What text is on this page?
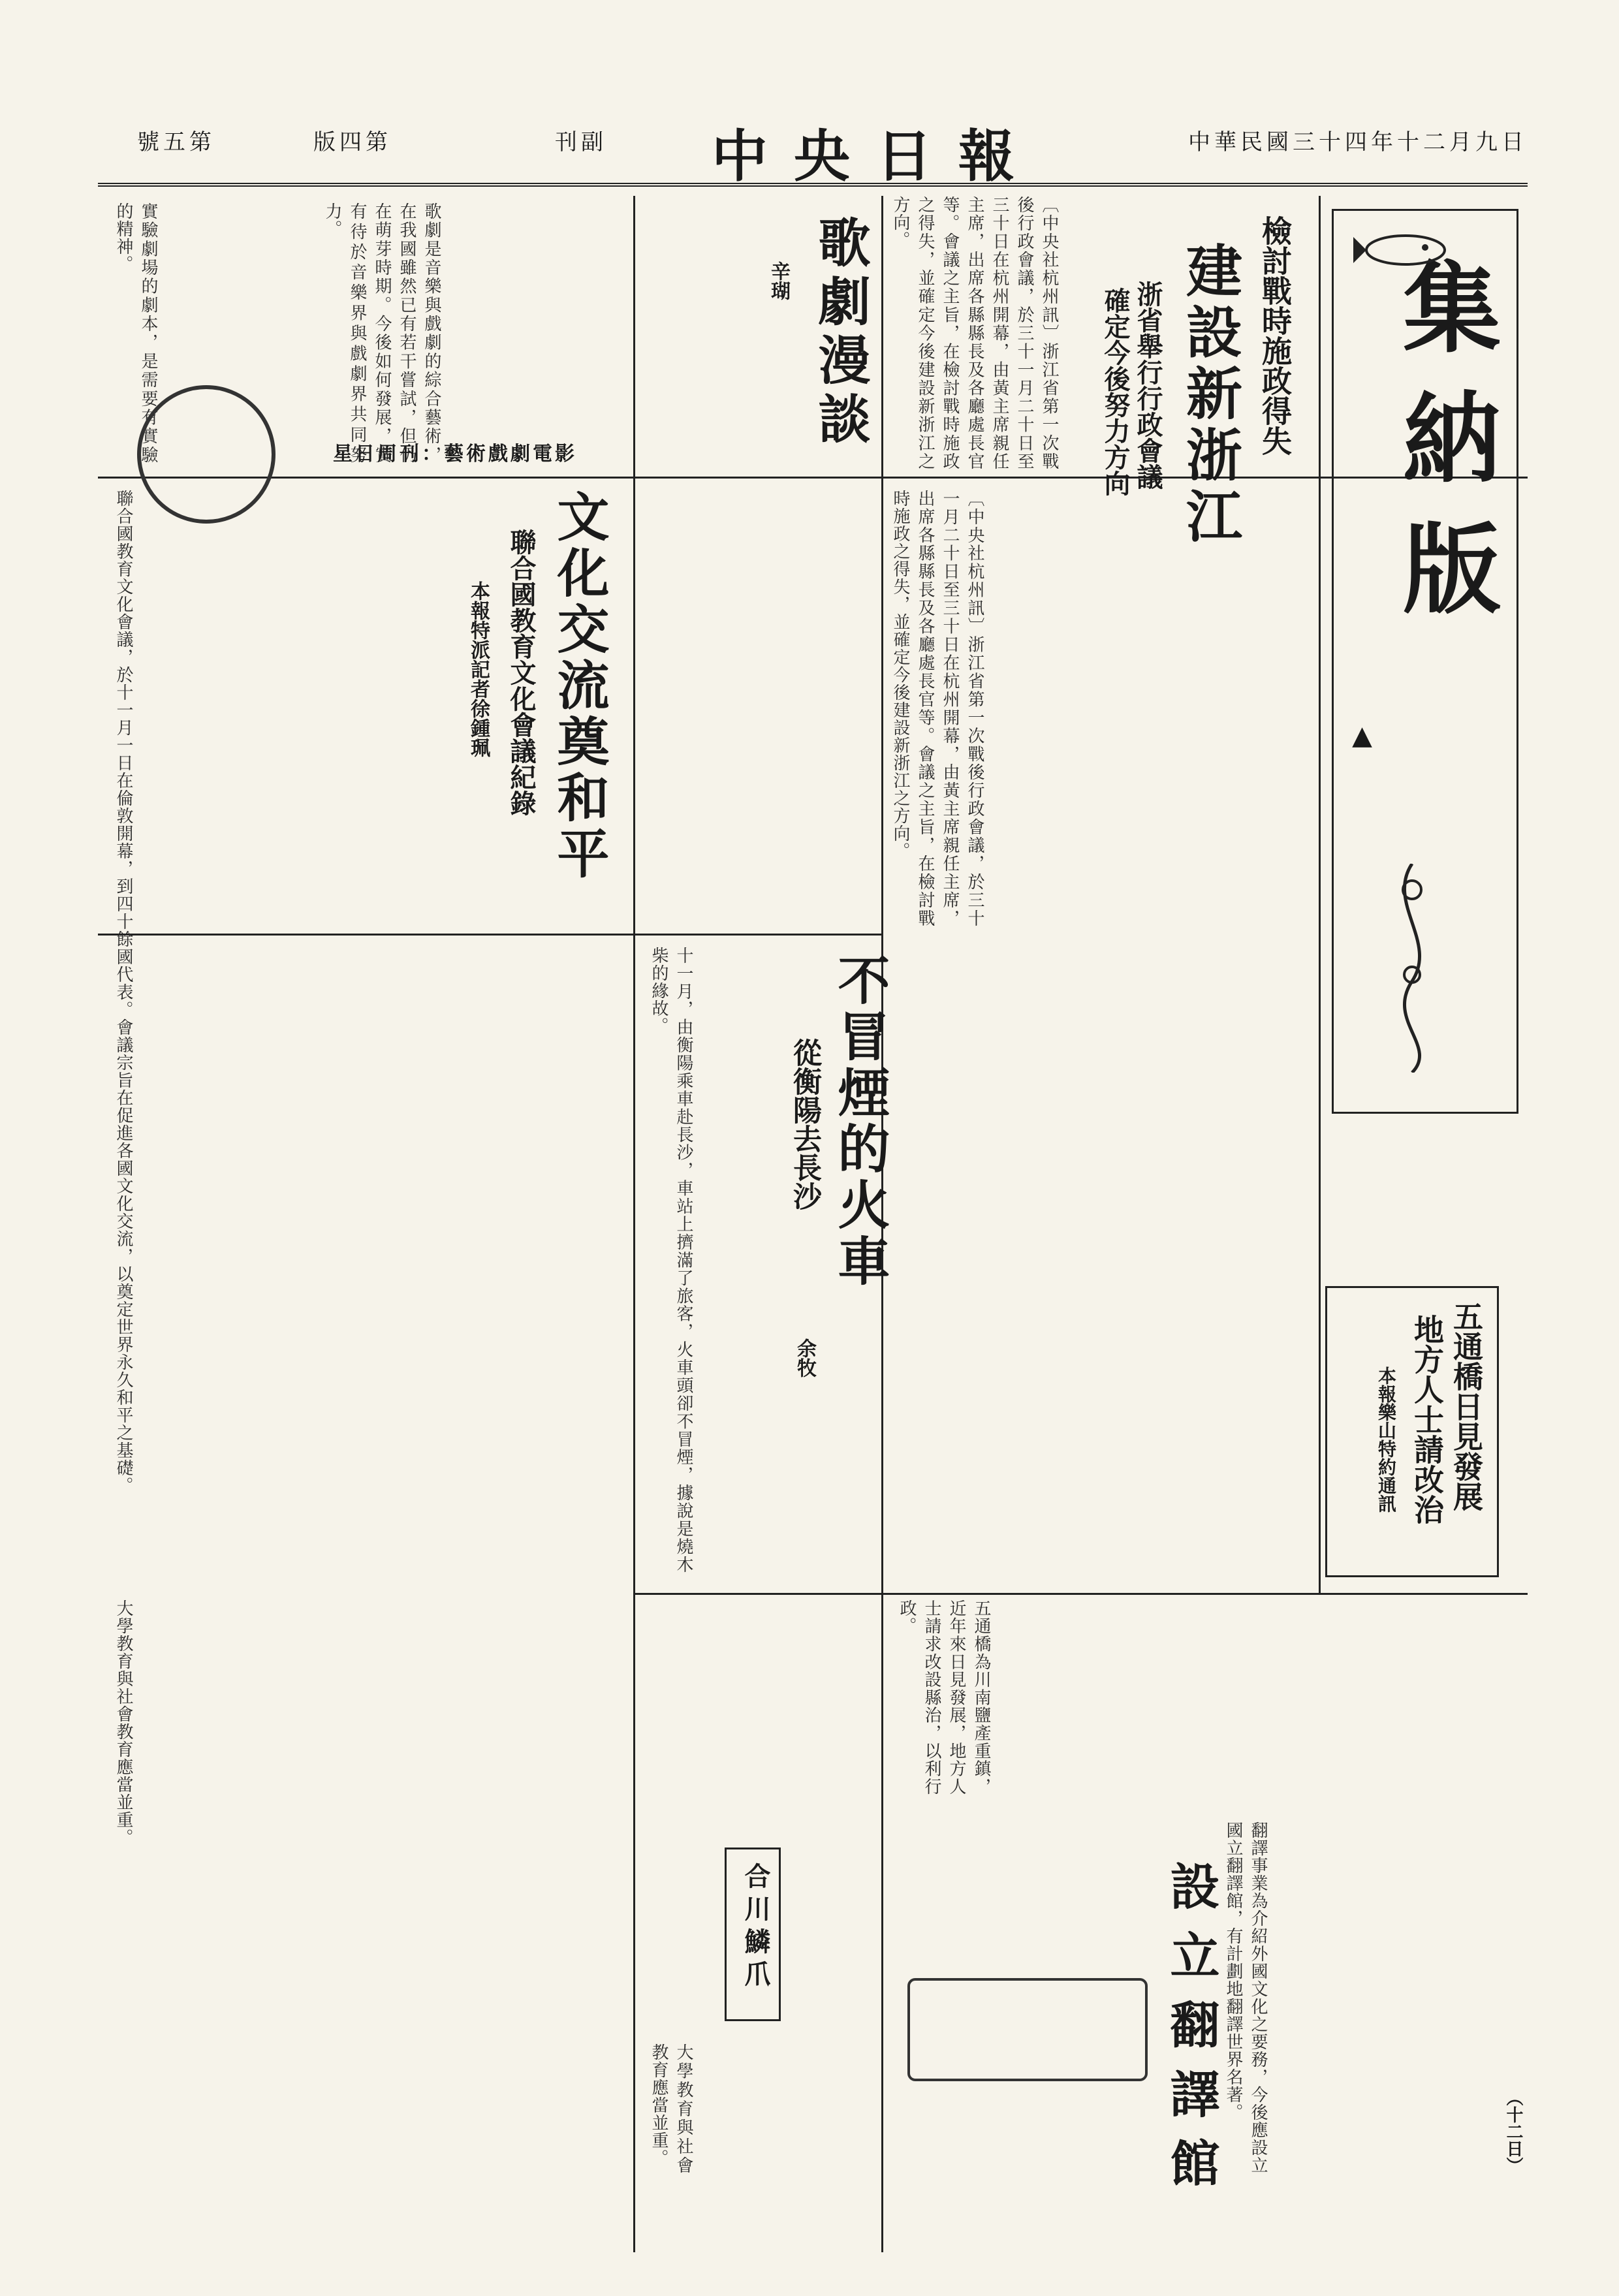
號五第	版四第	刊副 中央日報	中華民國三十四年十二月九日
集納版
▲
檢討戰時施政得失
建設新浙江
浙省舉行行政會議
確定今後努力方向
〔中央社杭州訊〕浙江省第一次戰後行政會議，於三十一月二十日至三十日在杭州開幕，由黃主席親任主席，出席各縣縣長及各廳處長官等。會議之主旨，在檢討戰時施政之得失，並確定今後建設新浙江之方向。
〔中央社杭州訊〕浙江省第一次戰後行政會議，於三十一月二十日至三十日在杭州開幕，由黃主席親任主席，出席各縣縣長及各廳處長官等。會議之主旨，在檢討戰時施政之得失，並確定今後建設新浙江之方向。
歌劇漫談
辛瑚
歌劇是音樂與戲劇的綜合藝術，在我國雖然已有若干嘗試，但仍在萌芽時期。今後如何發展，實有待於音樂界與戲劇界共同努力。
實驗劇場的劇本，是需要有實驗的精神。
影電劇戲術藝：刊周日星
不冒煙的火車
從衡陽去長沙
余牧
十一月，由衡陽乘車赴長沙，車站上擠滿了旅客，火車頭卻不冒煙，據說是燒木柴的緣故。
文化交流奠和平
聯合國教育文化會議紀錄
本報特派記者徐鍾珮
聯合國教育文化會議，於十一月一日在倫敦開幕，到四十餘國代表。會議宗旨在促進各國文化交流，以奠定世界永久和平之基礎。
大學教育與社會教育應當並重。
五通橋日見發展
地方人士請改治
本報樂山特約通訊
五通橋為川南鹽產重鎮，近年來日見發展，地方人士請求改設縣治，以利行政。
設立翻譯館	翻譯事業為介紹外國文化之要務，今後應設立國立翻譯館，有計劃地翻譯世界名著。
合川鱗爪
大學教育與社會教育應當並重。	（十二日）
